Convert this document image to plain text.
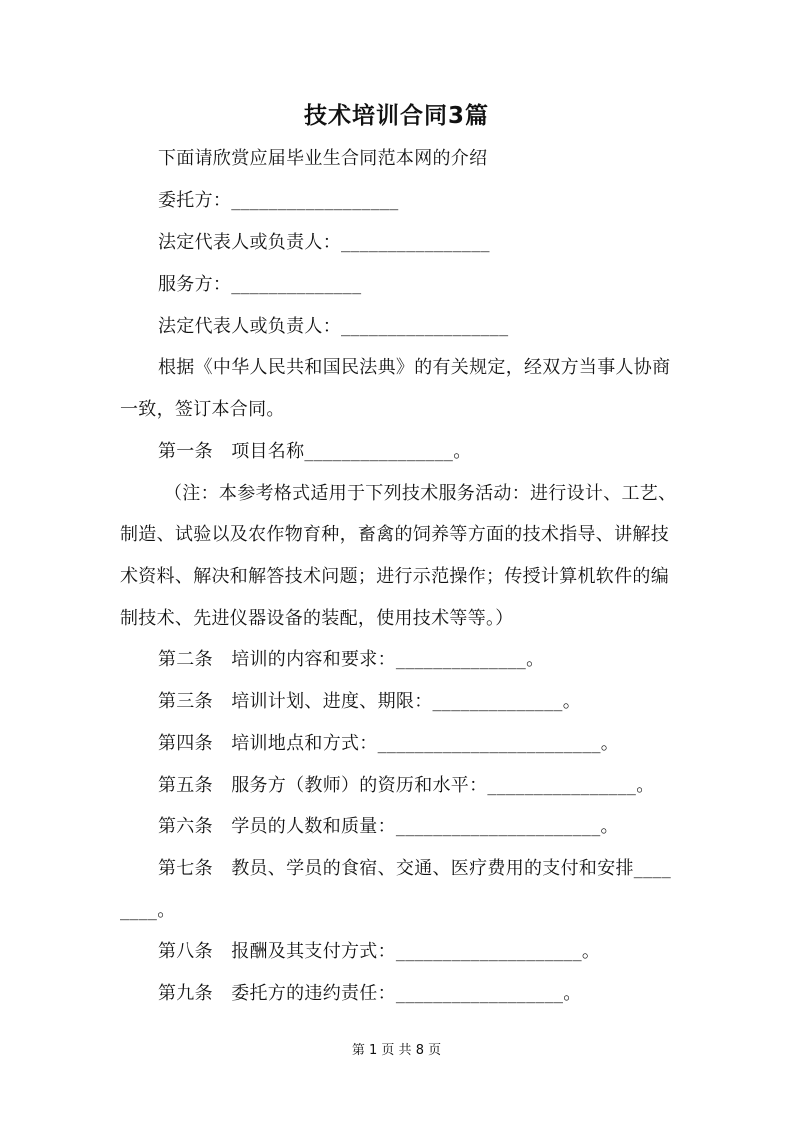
技术培训合同3篇
下面请欣赏应届毕业生合同范本网的介绍
委托方：__________________
法定代表人或负责人：________________
服务方：______________
法定代表人或负责人：__________________
根据《中华人民共和国民法典》的有关规定，经双方当事人协商
一致，签订本合同。
第一条　项目名称________________。
（注：本参考格式适用于下列技术服务活动：进行设计、工艺、
制造、试验以及农作物育种，畜禽的饲养等方面的技术指导、讲解技
术资料、解决和解答技术问题；进行示范操作；传授计算机软件的编
制技术、先进仪器设备的装配，使用技术等等。）
第二条　培训的内容和要求：______________。
第三条　培训计划、进度、期限：______________。
第四条　培训地点和方式：________________________。
第五条　服务方（教师）的资历和水平：________________。
第六条　学员的人数和质量：______________________。
第七条　教员、学员的食宿、交通、医疗费用的支付和安排____
____。
第八条　报酬及其支付方式：____________________。
第九条　委托方的违约责任：__________________。
第 1 页 共 8 页
